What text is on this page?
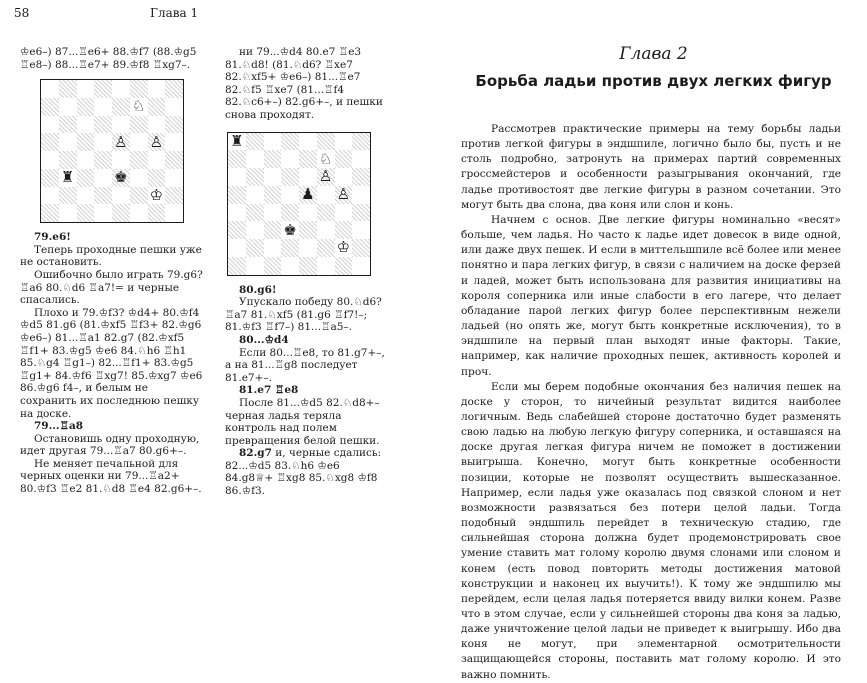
58	Глава 1

♔e6–) 87...♖e6+ 88.♔f7 (88.♔g5 ♖e8–) 88...♖e7+ 89.♔f8 ♖xg7–.

♘
♙ ♙
♜	♚
♔

79.e6!

Теперь проходные пешки уже не остановить.

Ошибочно было играть 79.g6? ♖a6 80.♘d6 ♖a7!= и черные спасались.

Плохо и 79.♔f3? ♔d4+ 80.♔f4 ♔d5 81.g6 (81.♔xf5 ♖f3+ 82.♔g6 ♔e6–) 81...♖a1 82.g7 (82.♔xf5 ♖f1+ 83.♔g5 ♔e6 84.♘h6 ♖h1 85.♘g4 ♖g1–) 82...♖f1+ 83.♔g5 ♖g1+ 84.♔f6 ♖xg7! 85.♔xg7 ♔e6 86.♔g6 f4–, и белым не сохранить их последнюю пешку на доске.

79...♖a8

Остановишь одну проходную, идет другая 79...♖a7 80.g6+–.

Не меняет печальной для черных оценки ни 79...♖a2+ 80.♔f3 ♖e2 81.♘d8 ♖e4 82.g6+–.

ни 79...♔d4 80.e7 ♖e3 81.♘d8! (81.♘d6? ♖xe7 82.♘xf5+ ♔e6–) 81...♖e7 82.♘f5 ♖xe7 (81...♖f4 82.♘c6+–) 82.g6+–, и пешки снова проходят.

♜
♘
♙
♟ ♙
♚
♔

80.g6!

Упускало победу 80.♘d6? ♖a7 81.♘xf5 (81.g6 ♖f7!–; 81.♔f3 ♖f7–) 81...♖a5–.

80...♔d4

Если 80...♖e8, то 81.g7+–, а на 81...♖g8 последует 81.e7+–.

81.e7 ♖e8

После 81...♔d5 82.♘d8+– черная ладья теряла контроль над полем превращения белой пешки.

82.g7 и, черные сдались: 82...♔d5 83.♘h6 ♔e6 84.g8♕+ ♖xg8 85.♘xg8 ♔f8 86.♔f3.

Глава 2
Борьба ладьи против двух легких фигур

Рассмотрев практические примеры на тему борьбы ладьи против легкой фигуры в эндшпиле, логично было бы, пусть и не столь подробно, затронуть на примерах партий современных гроссмейстеров и особенности разыгрывания окончаний, где ладье противостоят две легкие фигуры в разном сочетании. Это могут быть два слона, два коня или слон и конь.

Начнем с основ. Две легкие фигуры номинально «весят» больше, чем ладья. Но часто к ладье идет довесок в виде одной, или даже двух пешек. И если в миттельшпиле всё более или менее понятно и пара легких фигур, в связи с наличием на доске ферзей и ладей, может быть использована для развития инициативы на короля соперника или иные слабости в его лагере, что делает обладание парой легких фигур более перспективным нежели ладьей (но опять же, могут быть конкретные исключения), то в эндшпиле на первый план выходят иные факторы. Такие, например, как наличие проходных пешек, активность королей и проч.

Если мы берем подобные окончания без наличия пешек на доске у сторон, то ничейный результат видится наиболее логичным. Ведь слабейшей стороне достаточно будет разменять свою ладью на любую легкую фигуру соперника, и оставшаяся на доске другая легкая фигура ничем не поможет в достижении выигрыша. Конечно, могут быть конкретные особенности позиции, которые не позволят осуществить вышесказанное. Например, если ладья уже оказалась под связкой слоном и нет возможности развязаться без потери целой ладьи. Тогда подобный эндшпиль перейдет в техническую стадию, где сильнейшая сторона должна будет продемонстрировать свое умение ставить мат голому королю двумя слонами или слоном и конем (есть повод повторить методы достижения матовой конструкции и наконец их выучить!). К тому же эндшпилю мы перейдем, если целая ладья потеряется ввиду вилки конем. Разве что в этом случае, если у сильнейшей стороны два коня за ладью, даже уничтожение целой ладьи не приведет к выигрышу. Ибо два коня не могут, при элементарной осмотрительности защищающейся стороны, поставить мат голому королю. И это важно помнить.
